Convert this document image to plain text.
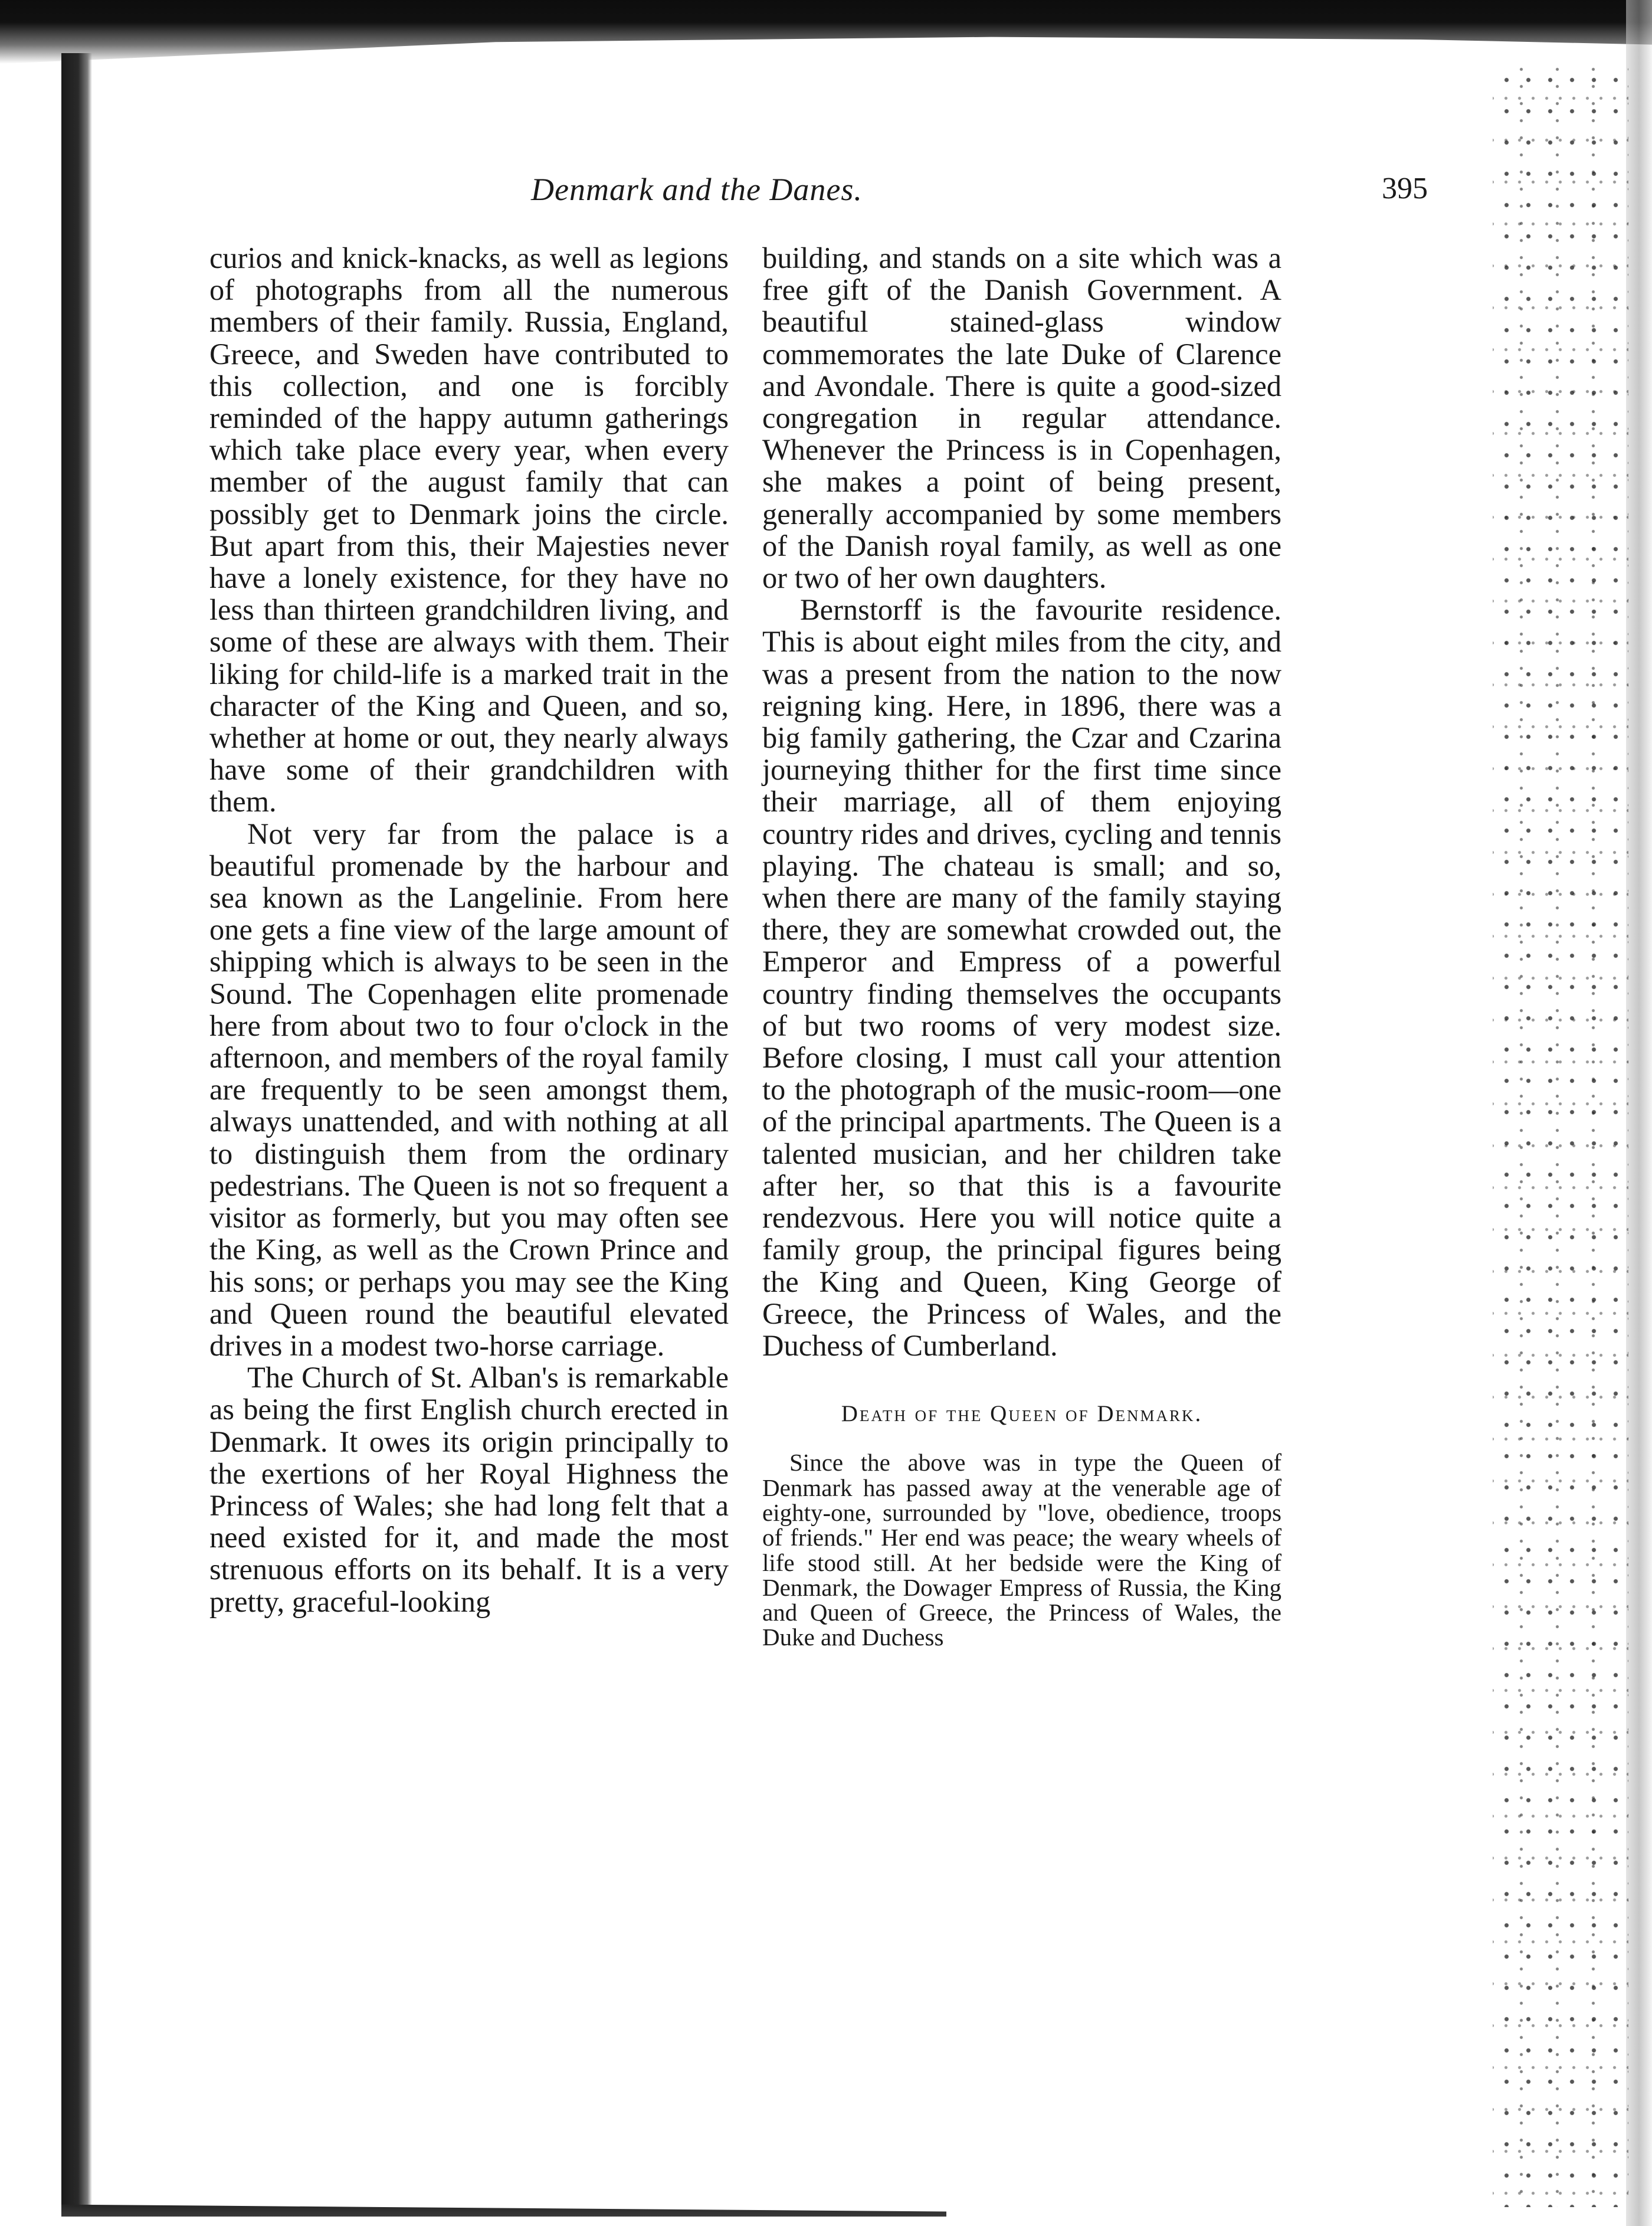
Denmark and the Danes.	395

curios and knick-knacks, as well as legions of photographs from all the numerous members of their family. Russia, England, Greece, and Sweden have contributed to this collection, and one is forcibly reminded of the happy autumn gatherings which take place every year, when every member of the august family that can possibly get to Denmark joins the circle. But apart from this, their Majesties never have a lonely existence, for they have no less than thirteen grandchildren living, and some of these are always with them. Their liking for child-life is a marked trait in the character of the King and Queen, and so, whether at home or out, they nearly always have some of their grandchildren with them.

Not very far from the palace is a beautiful promenade by the harbour and sea known as the Langelinie. From here one gets a fine view of the large amount of shipping which is always to be seen in the Sound. The Copenhagen elite promenade here from about two to four o'clock in the afternoon, and members of the royal family are frequently to be seen amongst them, always unattended, and with nothing at all to distinguish them from the ordinary pedestrians. The Queen is not so frequent a visitor as formerly, but you may often see the King, as well as the Crown Prince and his sons; or perhaps you may see the King and Queen round the beautiful elevated drives in a modest two-horse carriage.

The Church of St. Alban's is remarkable as being the first English church erected in Denmark. It owes its origin principally to the exertions of her Royal Highness the Princess of Wales; she had long felt that a need existed for it, and made the most strenuous efforts on its behalf. It is a very pretty, graceful-looking

building, and stands on a site which was a free gift of the Danish Government. A beautiful stained-glass window commemorates the late Duke of Clarence and Avondale. There is quite a good-sized congregation in regular attendance. Whenever the Princess is in Copenhagen, she makes a point of being present, generally accompanied by some members of the Danish royal family, as well as one or two of her own daughters.

Bernstorff is the favourite residence. This is about eight miles from the city, and was a present from the nation to the now reigning king. Here, in 1896, there was a big family gathering, the Czar and Czarina journeying thither for the first time since their marriage, all of them enjoying country rides and drives, cycling and tennis playing. The chateau is small; and so, when there are many of the family staying there, they are somewhat crowded out, the Emperor and Empress of a powerful country finding themselves the occupants of but two rooms of very modest size. Before closing, I must call your attention to the photograph of the music-room—one of the principal apartments. The Queen is a talented musician, and her children take after her, so that this is a favourite rendezvous. Here you will notice quite a family group, the principal figures being the King and Queen, King George of Greece, the Princess of Wales, and the Duchess of Cumberland.

Death of the Queen of Denmark.

Since the above was in type the Queen of Denmark has passed away at the venerable age of eighty-one, surrounded by "love, obedience, troops of friends." Her end was peace; the weary wheels of life stood still. At her bedside were the King of Denmark, the Dowager Empress of Russia, the King and Queen of Greece, the Princess of Wales, the Duke and Duchess
